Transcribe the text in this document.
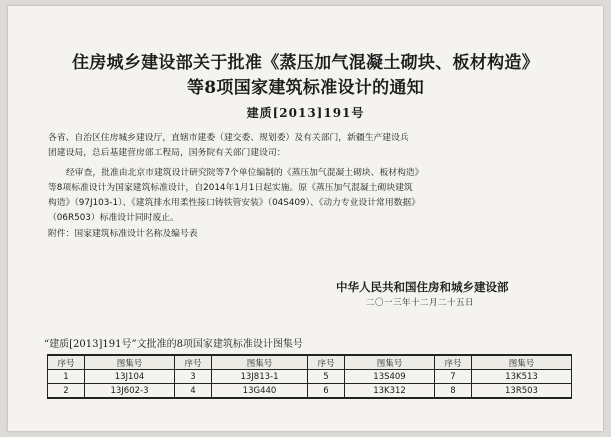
住房城乡建设部关于批准《蒸压加气混凝土砌块、板材构造》
等8项国家建筑标准设计的通知
建质[2013]191号
各省、自治区住房城乡建设厅，直辖市建委（建交委、规划委）及有关部门，新疆生产建设兵
团建设局，总后基建营房部工程局，国务院有关部门建设司：
经审查，批准由北京市建筑设计研究院等7个单位编制的《蒸压加气混凝土砌块、板材构造》
等8项标准设计为国家建筑标准设计，自2014年1月1日起实施。原《蒸压加气混凝土砌块建筑
构造》（97J103-1）、《建筑排水用柔性接口铸铁管安装》（04S409）、《动力专业设计常用数据》
（06R503）标准设计同时废止。
附件：国家建筑标准设计名称及编号表
中华人民共和国住房和城乡建设部
二〇一三年十二月二十五日
“建质[2013]191号”文批准的8项国家建筑标准设计图集号
序号	图集号	序号	图集号	序号	图集号	序号	图集号
1	13J104	3	13J813-1	5	13S409	7	13K513
2	13J602-3	4	13G440	6	13K312	8	13R503
